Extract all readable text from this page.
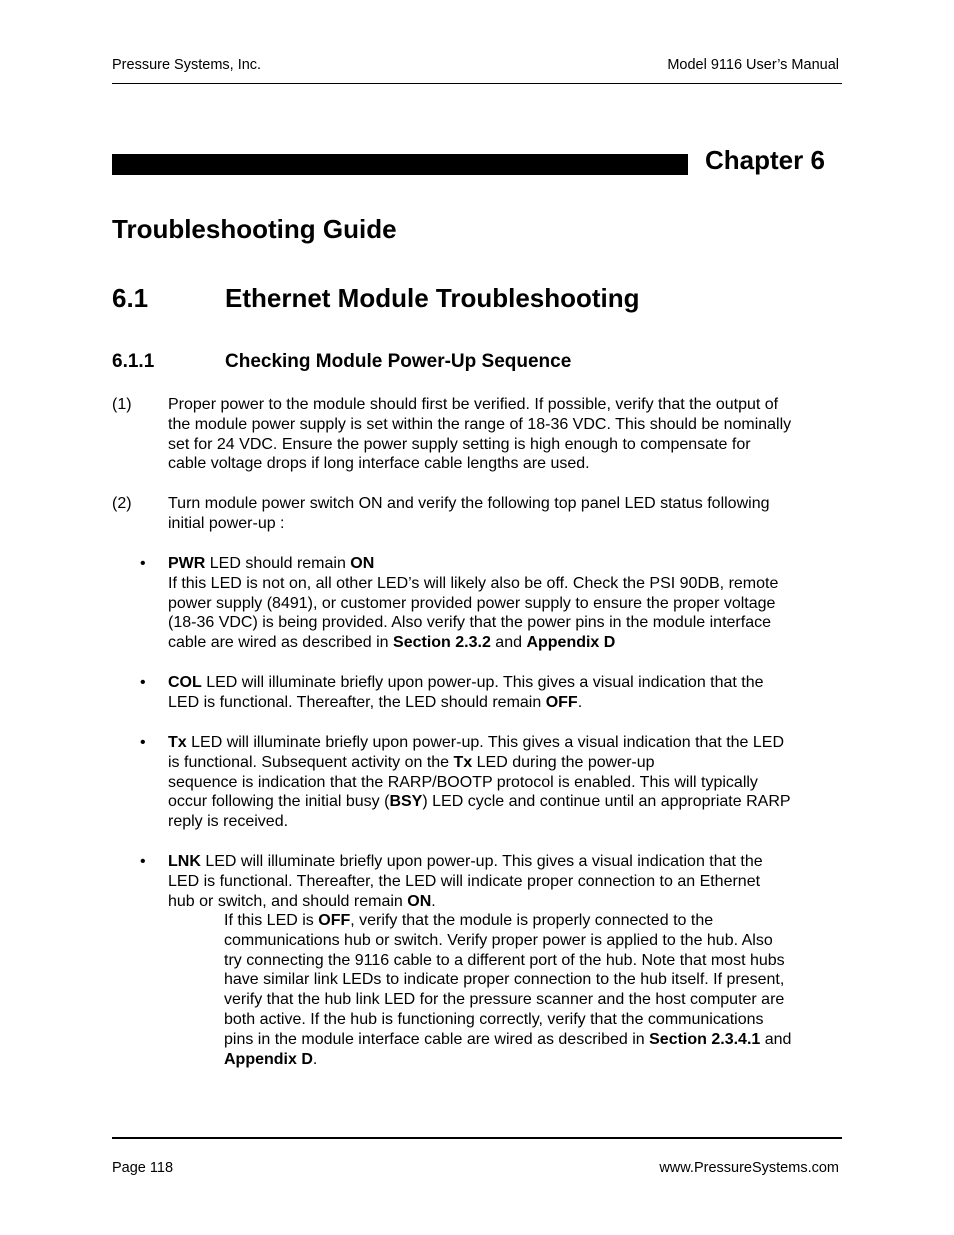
Pressure Systems, Inc.	Model 9116 User’s Manual
Chapter 6
Troubleshooting Guide
6.1	Ethernet Module Troubleshooting
6.1.1	Checking Module Power-Up Sequence
(1) Proper power to the module should first be verified. If possible, verify that the output of
the module power supply is set within the range of 18-36 VDC. This should be nominally
set for 24 VDC. Ensure the power supply setting is high enough to compensate for
cable voltage drops if long interface cable lengths are used.
(2) Turn module power switch ON and verify the following top panel LED status following
initial power-up :
• PWR LED should remain ON
If this LED is not on, all other LED’s will likely also be off. Check the PSI 90DB, remote
power supply (8491), or customer provided power supply to ensure the proper voltage
(18-36 VDC) is being provided. Also verify that the power pins in the module interface
cable are wired as described in Section 2.3.2 and Appendix D
• COL LED will illuminate briefly upon power-up. This gives a visual indication that the
LED is functional. Thereafter, the LED should remain OFF.
• Tx LED will illuminate briefly upon power-up. This gives a visual indication that the LED
is functional. Subsequent activity on the Tx LED during the power-up
sequence is indication that the RARP/BOOTP protocol is enabled. This will typically
occur following the initial busy (BSY) LED cycle and continue until an appropriate RARP
reply is received.
• LNK LED will illuminate briefly upon power-up. This gives a visual indication that the
LED is functional. Thereafter, the LED will indicate proper connection to an Ethernet
hub or switch, and should remain ON.
If this LED is OFF, verify that the module is properly connected to the
communications hub or switch. Verify proper power is applied to the hub. Also
try connecting the 9116 cable to a different port of the hub. Note that most hubs
have similar link LEDs to indicate proper connection to the hub itself. If present,
verify that the hub link LED for the pressure scanner and the host computer are
both active. If the hub is functioning correctly, verify that the communications
pins in the module interface cable are wired as described in Section 2.3.4.1 and
Appendix D.
Page 118	www.PressureSystems.com
